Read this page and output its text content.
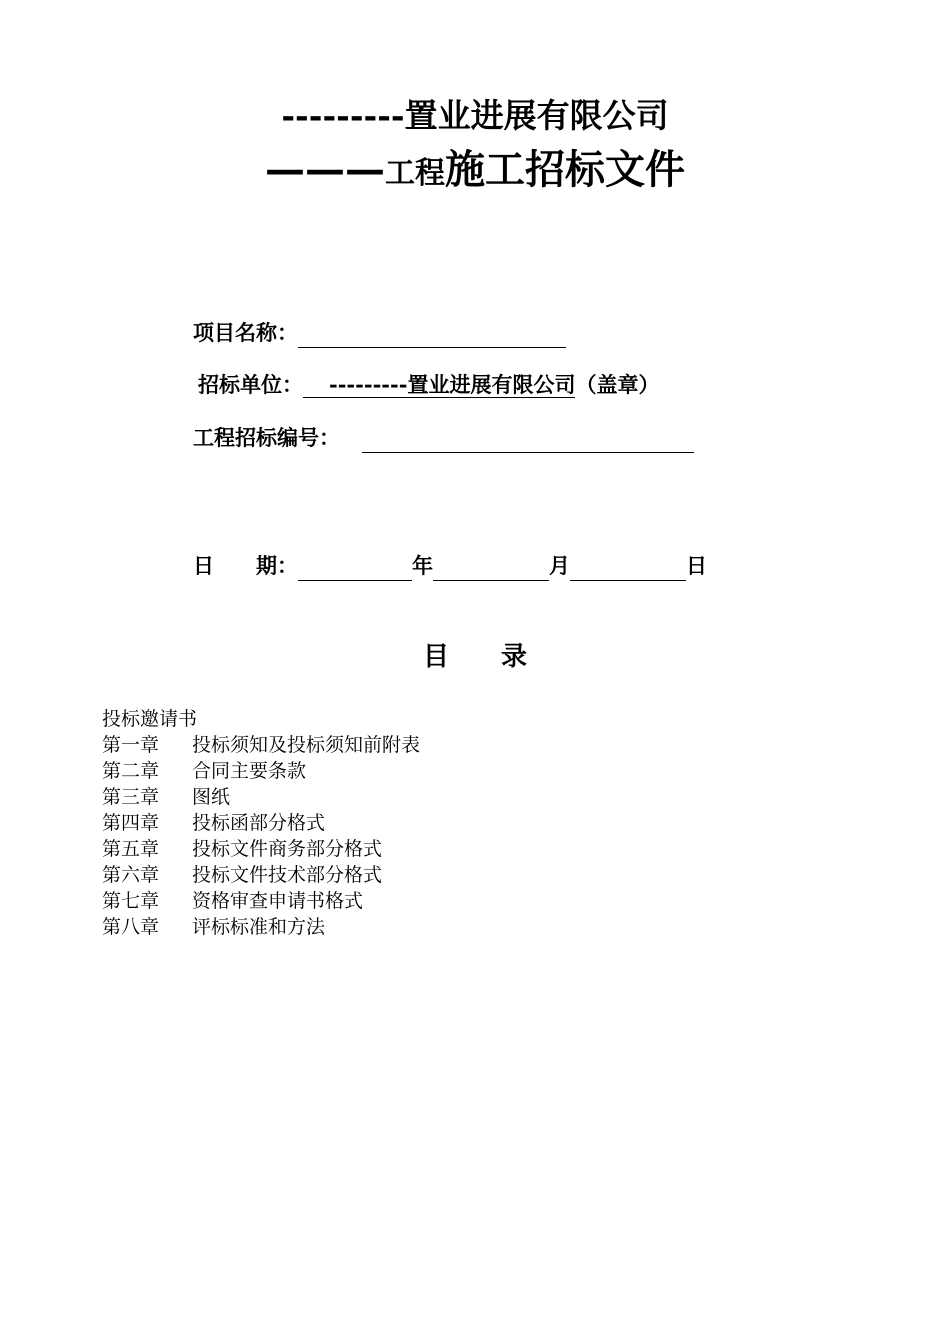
---------置业进展有限公司
———工程施工招标文件
项目名称：
招标单位： ---------置业进展有限公司（盖章）
工程招标编号：
日　　期：	年	月	日
目　　录
投标邀请书
第一章	投标须知及投标须知前附表
第二章	合同主要条款
第三章	图纸
第四章	投标函部分格式
第五章	投标文件商务部分格式
第六章	投标文件技术部分格式
第七章	资格审查申请书格式
第八章	评标标准和方法
